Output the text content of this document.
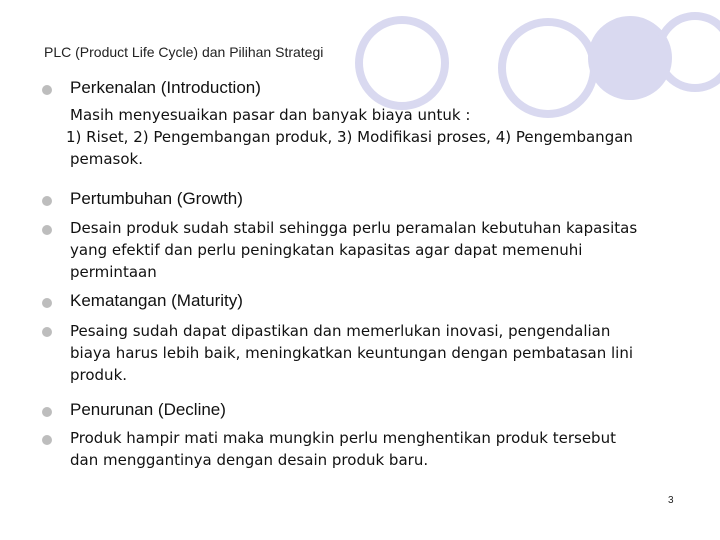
PLC (Product Life Cycle) dan Pilihan Strategi
Perkenalan (Introduction)
Masih menyesuaikan pasar dan banyak biaya untuk :
1) Riset, 2) Pengembangan produk, 3) Modifikasi proses, 4) Pengembangan
pemasok.
Pertumbuhan (Growth)
Desain produk sudah stabil sehingga perlu peramalan kebutuhan kapasitas
yang efektif dan perlu peningkatan kapasitas agar dapat memenuhi
permintaan
Kematangan (Maturity)
Pesaing sudah dapat dipastikan dan memerlukan inovasi, pengendalian
biaya harus lebih baik, meningkatkan keuntungan dengan pembatasan lini
produk.
Penurunan (Decline)
Produk hampir mati maka mungkin perlu menghentikan produk tersebut
dan menggantinya dengan desain produk baru.
3
